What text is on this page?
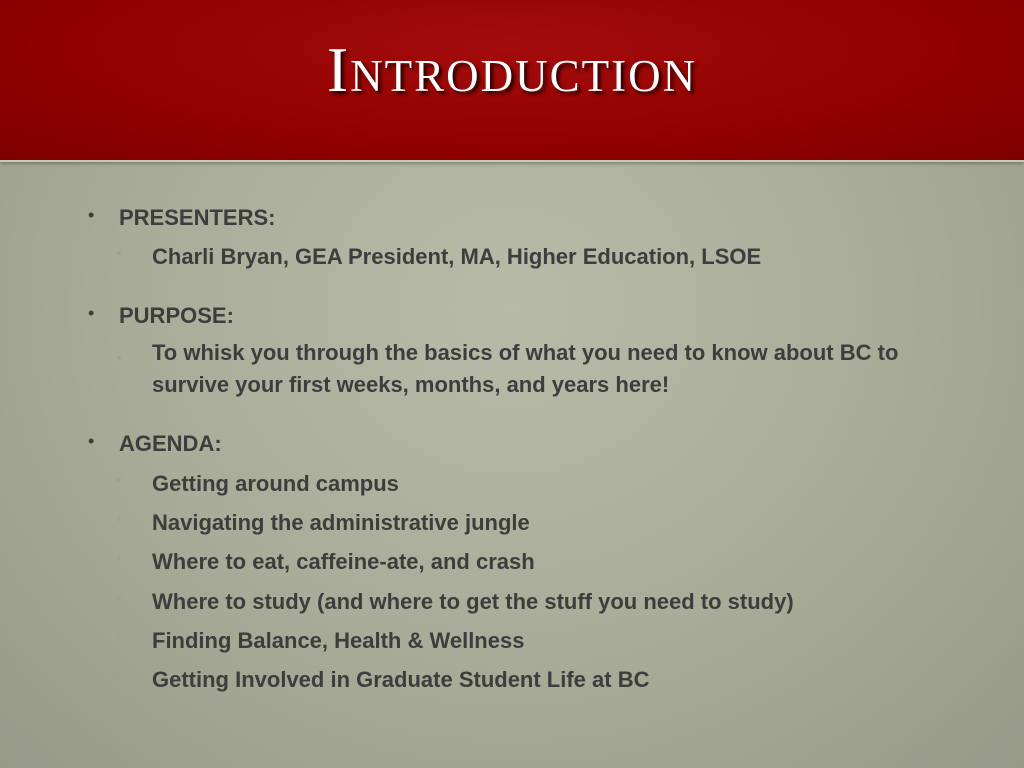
Introduction
• PRESENTERS:
• Charli Bryan, GEA President, MA, Higher Education, LSOE
• PURPOSE:
• To whisk you through the basics of what you need to know about BC to survive your first weeks, months, and years here!
• AGENDA:
• Getting around campus
• Navigating the administrative jungle
• Where to eat, caffeine-ate, and crash
• Where to study (and where to get the stuff you need to study)
• Finding Balance, Health & Wellness
• Getting Involved in Graduate Student Life at BC
